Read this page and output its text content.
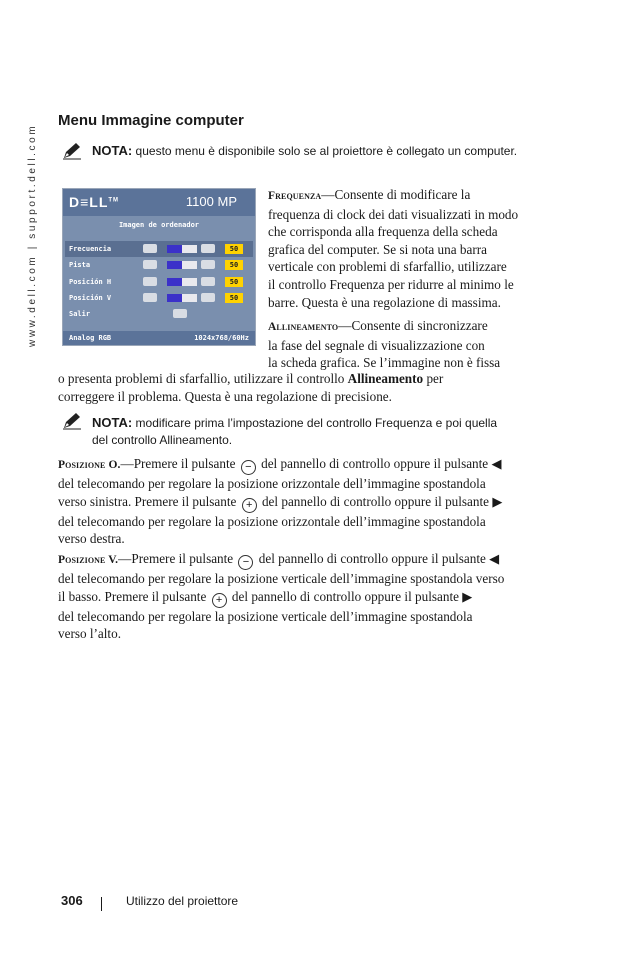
www.dell.com | support.dell.com
Menu Immagine computer
NOTA: questo menu è disponibile solo se al proiettore è collegato un computer.
D≡LL™	1100 MP
Imagen de ordenador
Frecuencia	50
Pista	50
Posición H	50
Posición V	50
Salir
Analog RGB	1024x768/60Hz
Frequenza—Consente di modificare la
frequenza di clock dei dati visualizzati in modo
che corrisponda alla frequenza della scheda
grafica del computer. Se si nota una barra
verticale con problemi di sfarfallio, utilizzare
il controllo Frequenza per ridurre al minimo le
barre. Questa è una regolazione di massima.
Allineamento—Consente di sincronizzare
la fase del segnale di visualizzazione con
la scheda grafica. Se l’immagine non è fissa
o presenta problemi di sfarfallio, utilizzare il controllo Allineamento per
correggere il problema. Questa è una regolazione di precisione.
NOTA: modificare prima l’impostazione del controllo Frequenza e poi quella
del controllo Allineamento.
Posizione O.—Premere il pulsante − del pannello di controllo oppure il pulsante ◀
del telecomando per regolare la posizione orizzontale dell’immagine spostandola
verso sinistra. Premere il pulsante + del pannello di controllo oppure il pulsante ▶
del telecomando per regolare la posizione orizzontale dell’immagine spostandola
verso destra.
Posizione V.—Premere il pulsante − del pannello di controllo oppure il pulsante ◀
del telecomando per regolare la posizione verticale dell’immagine spostandola verso
il basso. Premere il pulsante + del pannello di controllo oppure il pulsante ▶
del telecomando per regolare la posizione verticale dell’immagine spostandola
verso l’alto.
306	Utilizzo del proiettore
